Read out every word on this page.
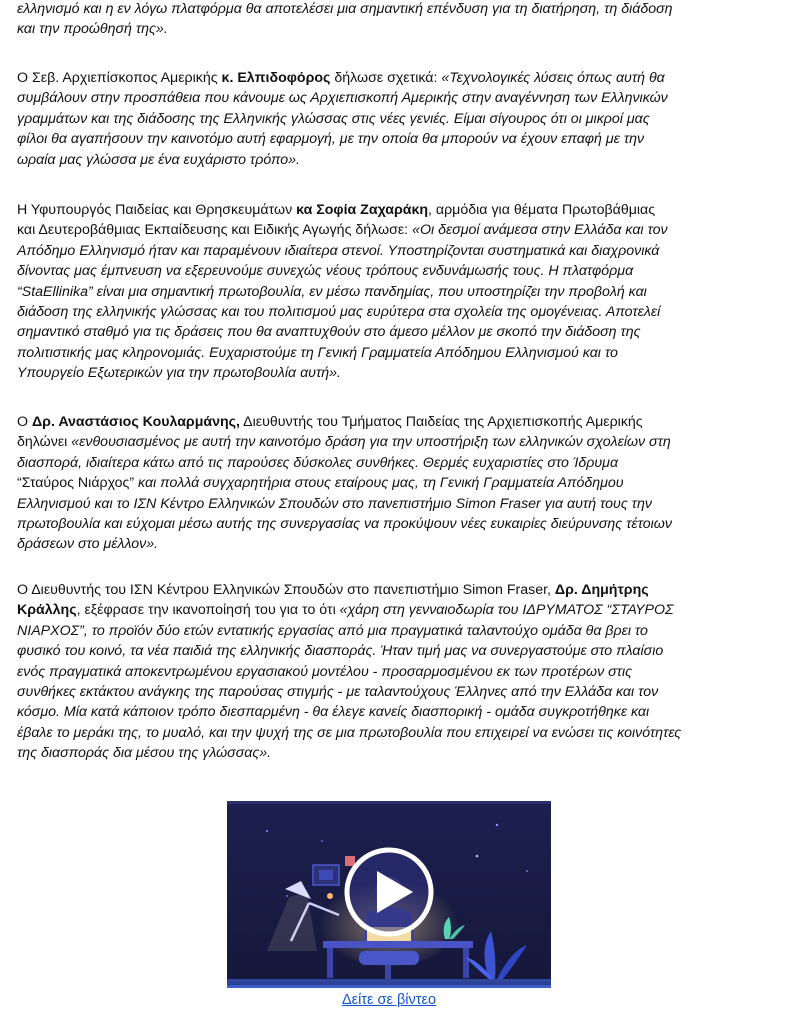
ελληνισμό και η εν λόγω πλατφόρμα θα αποτελέσει μια σημαντική επένδυση για τη διατήρηση, τη διάδοση
και την προώθησή της».

Ο Σεβ. Αρχιεπίσκοπος Αμερικής κ. Ελπιδοφόρος δήλωσε σχετικά: «Τεχνολογικές λύσεις όπως αυτή θα
συμβάλουν στην προσπάθεια που κάνουμε ως Αρχιεπισκοπή Αμερικής στην αναγέννηση των Ελληνικών
γραμμάτων και της διάδοσης της Ελληνικής γλώσσας στις νέες γενιές. Είμαι σίγουρος ότι οι μικροί μας
φίλοι θα αγαπήσουν την καινοτόμο αυτή εφαρμογή, με την οποία θα μπορούν να έχουν επαφή με την
ωραία μας γλώσσα με ένα ευχάριστο τρόπο».

Η Υφυπουργός Παιδείας και Θρησκευμάτων κα Σοφία Ζαχαράκη, αρμόδια για θέματα Πρωτοβάθμιας
και Δευτεροβάθμιας Εκπαίδευσης και Ειδικής Αγωγής δήλωσε: «Οι δεσμοί ανάμεσα στην Ελλάδα και τον
Απόδημο Ελληνισμό ήταν και παραμένουν ιδιαίτερα στενοί. Υποστηρίζονται συστηματικά και διαχρονικά
δίνοντας μας έμπνευση να εξερευνούμε συνεχώς νέους τρόπους ενδυνάμωσής τους. Η πλατφόρμα
“StaEllinika” είναι μια σημαντική πρωτοβουλία, εν μέσω πανδημίας, που υποστηρίζει την προβολή και
διάδοση της ελληνικής γλώσσας και του πολιτισμού μας ευρύτερα στα σχολεία της ομογένειας. Αποτελεί
σημαντικό σταθμό για τις δράσεις που θα αναπτυχθούν στο άμεσο μέλλον με σκοπό την διάδοση της
πολιτιστικής μας κληρονομιάς. Ευχαριστούμε τη Γενική Γραμματεία Απόδημου Ελληνισμού και το
Υπουργείο Εξωτερικών για την πρωτοβουλία αυτή».

Ο Δρ. Αναστάσιος Κουλαρμάνης, Διευθυντής του Τμήματος Παιδείας της Αρχιεπισκοπής Αμερικής
δηλώνει «ενθουσιασμένος με αυτή την καινοτόμο δράση για την υποστήριξη των ελληνικών σχολείων στη
διασπορά, ιδιαίτερα κάτω από τις παρούσες δύσκολες συνθήκες. Θερμές ευχαριστίες στο Ίδρυμα
“Σταύρος Νιάρχος” και πολλά συγχαρητήρια στους εταίρους μας, τη Γενική Γραμματεία Απόδημου
Ελληνισμού και το ΙΣΝ Κέντρο Ελληνικών Σπουδών στο πανεπιστήμιο Simon Fraser για αυτή τους την
πρωτοβουλία και εύχομαι μέσω αυτής της συνεργασίας να προκύψουν νέες ευκαιρίες διεύρυνσης τέτοιων
δράσεων στο μέλλον».

Ο Διευθυντής του ΙΣΝ Κέντρου Ελληνικών Σπουδών στο πανεπιστήμιο Simon Fraser, Δρ. Δημήτρης
Κράλλης, εξέφρασε την ικανοποίησή του για το ότι «χάρη στη γενναιοδωρία του ΙΔΡΥΜΑΤΟΣ “ΣΤΑΥΡΟΣ
ΝΙΑΡΧΟΣ”, το προϊόν δύο ετών εντατικής εργασίας από μια πραγματικά ταλαντούχο ομάδα θα βρει το
φυσικό του κοινό, τα νέα παιδιά της ελληνικής διασποράς. Ήταν τιμή μας να συνεργαστούμε στο πλαίσιο
ενός πραγματικά αποκεντρωμένου εργασιακού μοντέλου - προσαρμοσμένου εκ των προτέρων στις
συνθήκες εκτάκτου ανάγκης της παρούσας στιγμής - με ταλαντούχους Έλληνες από την Ελλάδα και τον
κόσμο. Μία κατά κάποιον τρόπο διεσπαρμένη - θα έλεγε κανείς διασπορική - ομάδα συγκροτήθηκε και
έβαλε το μεράκι της, το μυαλό, και την ψυχή της σε μια πρωτοβουλία που επιχειρεί να ενώσει τις κοινότητες
της διασποράς δια μέσου της γλώσσας».

Δείτε σε βίντεο
